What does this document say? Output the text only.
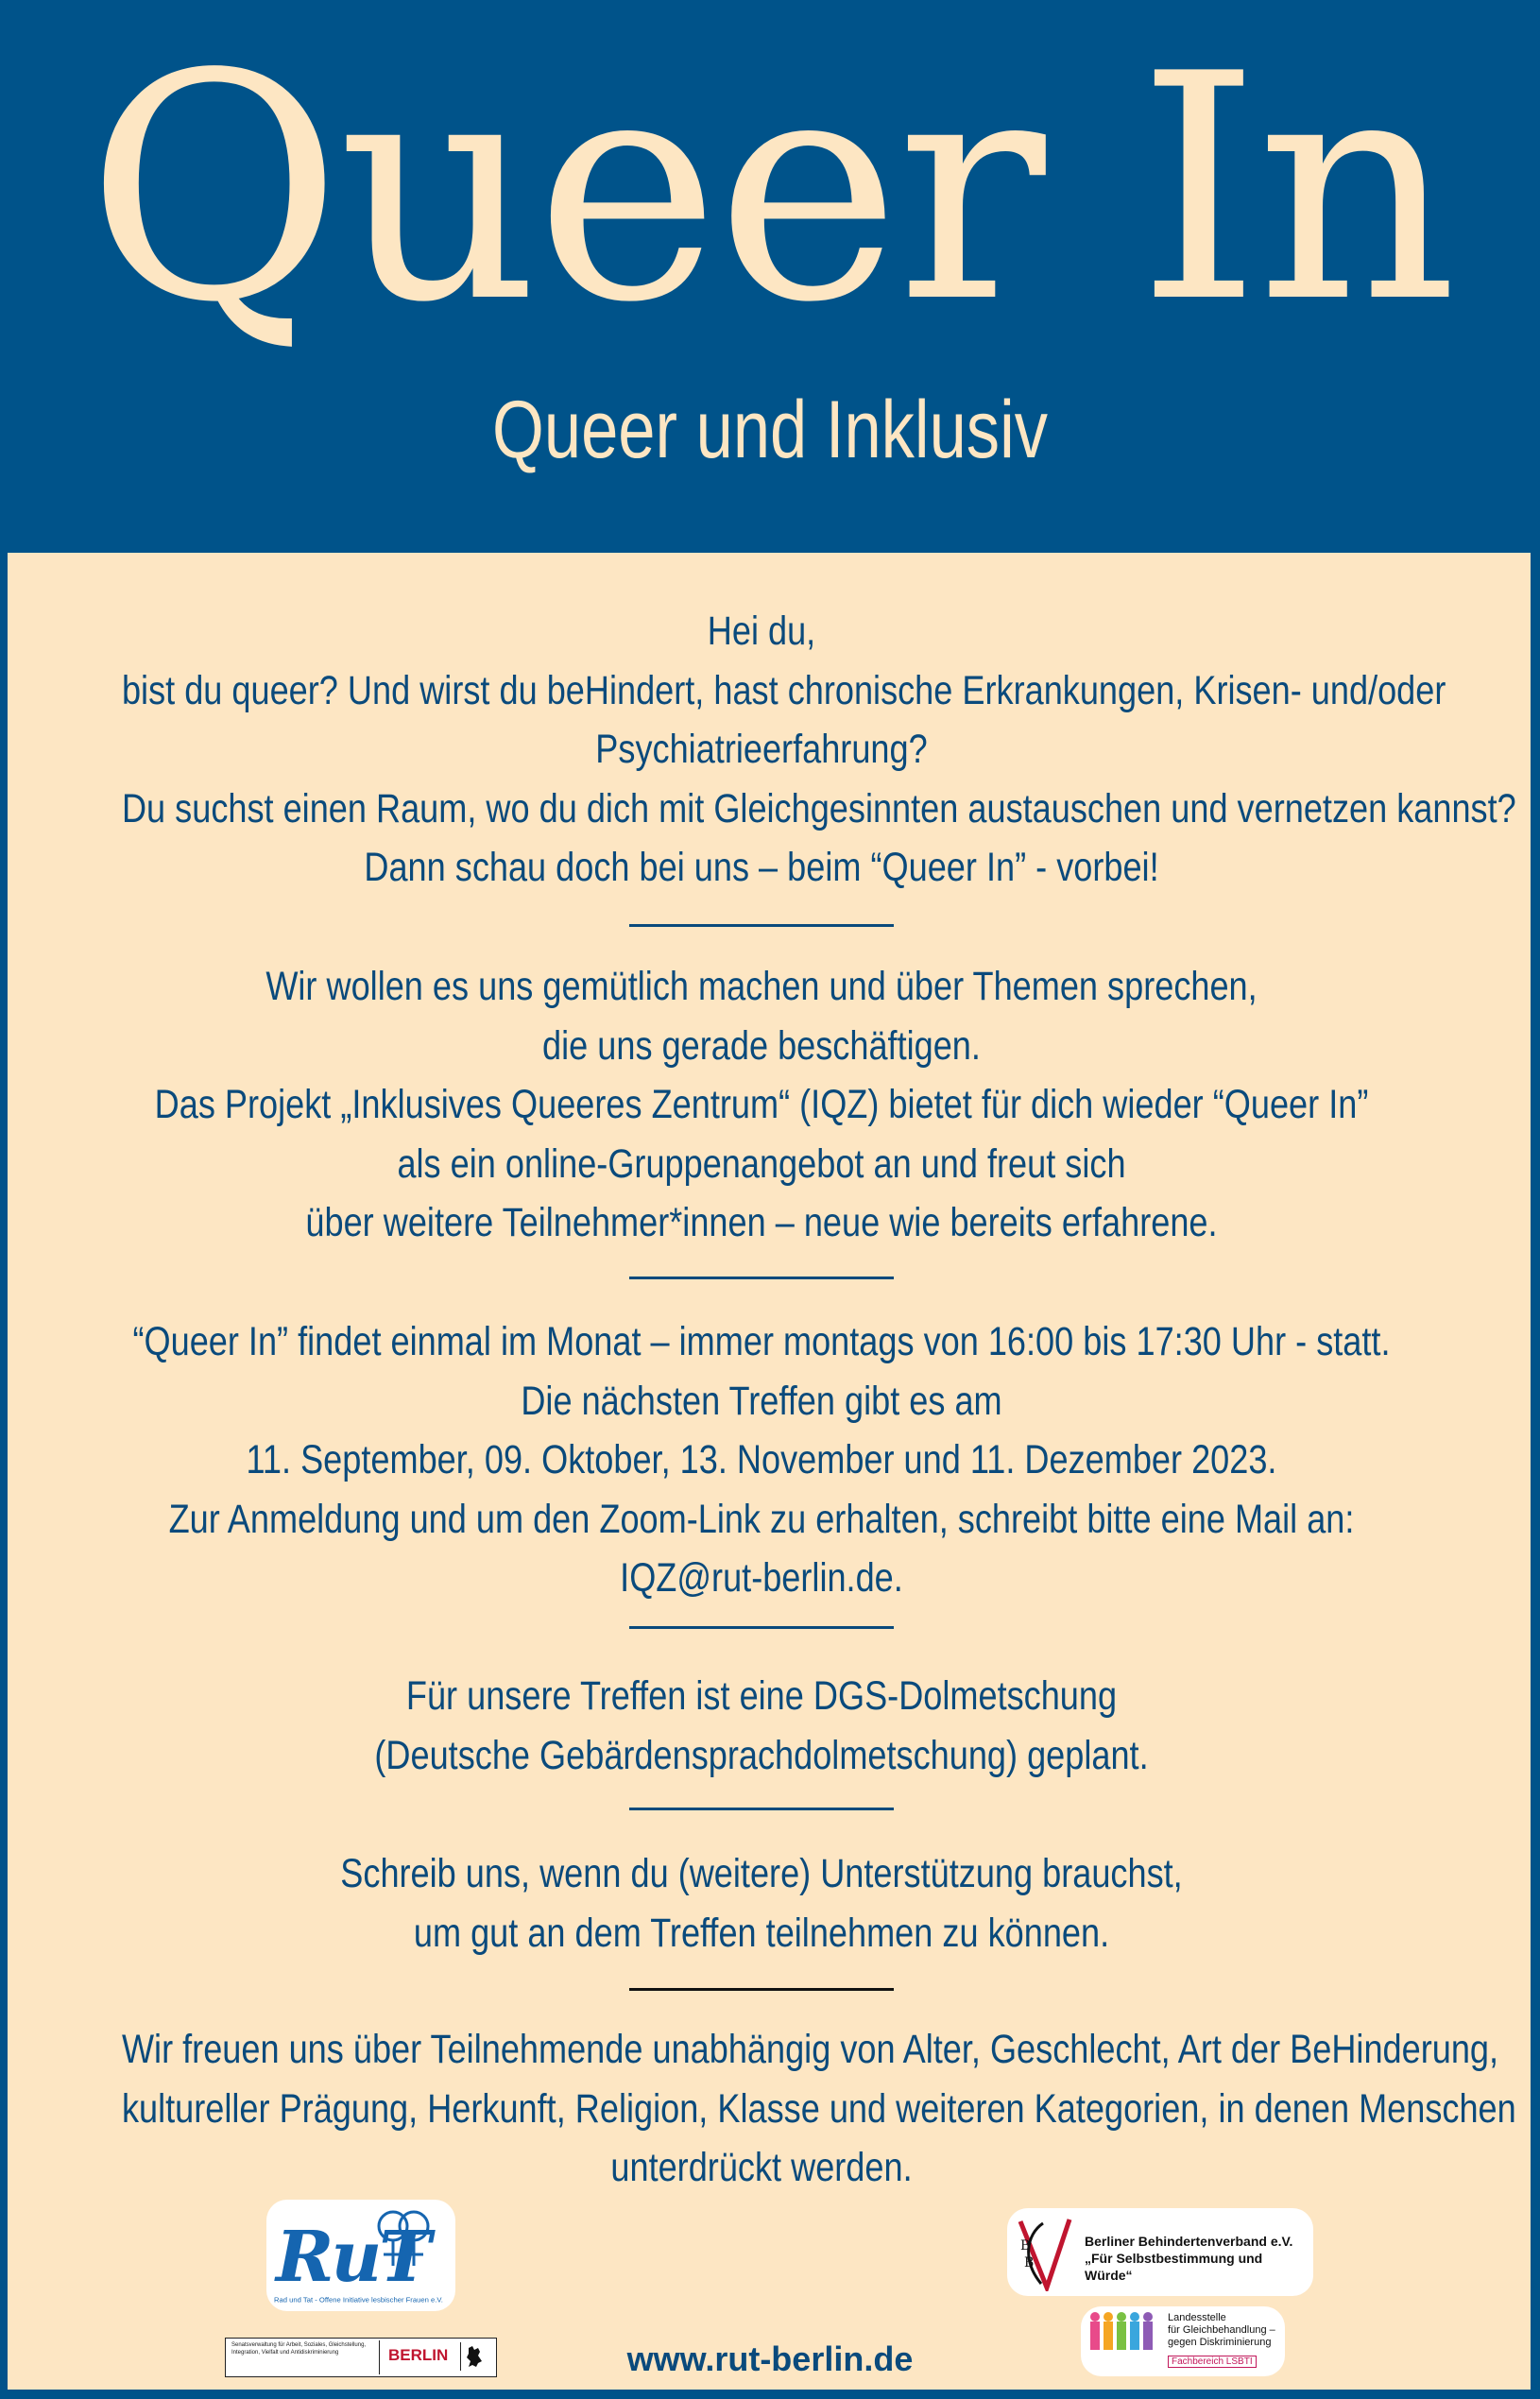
Queer In
Queer und Inklusiv
Hei du,
bist du queer? Und wirst du beHindert, hast chronische Erkrankungen, Krisen- und/oder
Psychiatrieerfahrung?
Du suchst einen Raum, wo du dich mit Gleichgesinnten austauschen und vernetzen kannst?
Dann schau doch bei uns – beim “Queer In” - vorbei!
Wir wollen es uns gemütlich machen und über Themen sprechen,
die uns gerade beschäftigen.
Das Projekt „Inklusives Queeres Zentrum“ (IQZ) bietet für dich wieder “Queer In”
als ein online-Gruppenangebot an und freut sich
über weitere Teilnehmer*innen – neue wie bereits erfahrene.
“Queer In” findet einmal im Monat – immer montags von 16:00 bis 17:30 Uhr - statt.
Die nächsten Treffen gibt es am
11. September, 09. Oktober, 13. November und 11. Dezember 2023.
Zur Anmeldung und um den Zoom-Link zu erhalten, schreibt bitte eine Mail an:
IQZ@rut-berlin.de.
Für unsere Treffen ist eine DGS-Dolmetschung
(Deutsche Gebärdensprachdolmetschung) geplant.
Schreib uns, wenn du (weitere) Unterstützung brauchst,
um gut an dem Treffen teilnehmen zu können.
Wir freuen uns über Teilnehmende unabhängig von Alter, Geschlecht, Art der BeHinderung,
kultureller Prägung, Herkunft, Religion, Klasse und weiteren Kategorien, in denen Menschen
unterdrückt werden.
RuT
Rad und Tat - Offene Initiative lesbischer Frauen e.V.
B
B
Berliner Behindertenverband e.V.
„Für Selbstbestimmung und Würde“
Landesstelle
für Gleichbehandlung –
gegen Diskriminierung
Fachbereich LSBTI
Senatsverwaltung für Arbeit, Soziales, Gleichstellung, Integration, Vielfalt und Antidiskriminierung	BERLIN	www.rut-berlin.de
